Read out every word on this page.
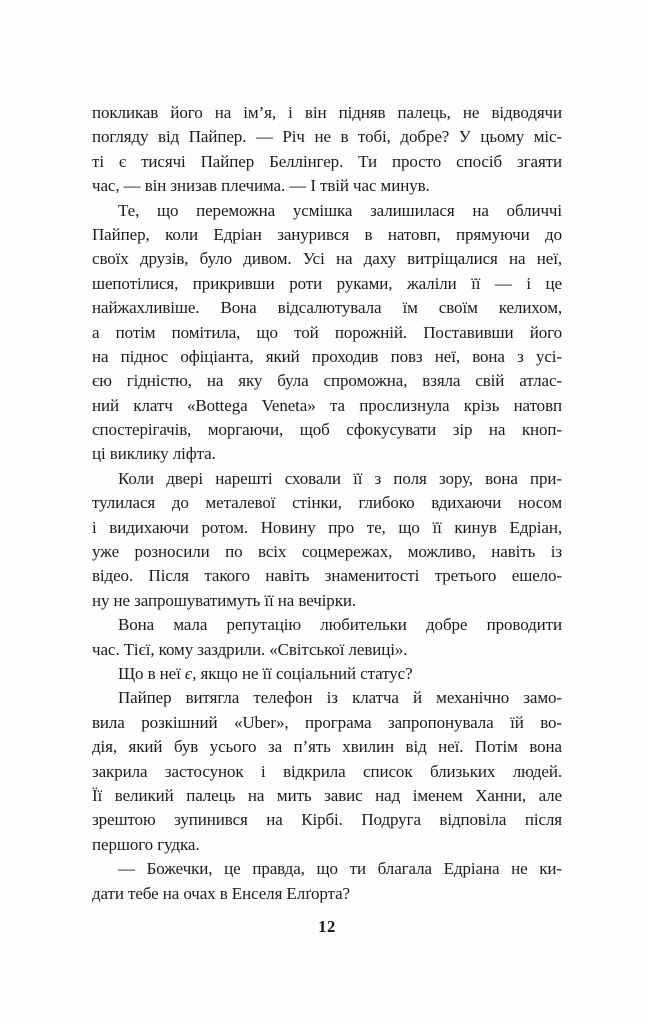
покликав його на ім’я, і він підняв палець, не відводячи
погляду від Пайпер. — Річ не в тобі, добре? У цьому міс-
ті є тисячі Пайпер Беллінгер. Ти просто спосіб згаяти
час, — він знизав плечима. — І твій час минув.
Те, що переможна усмішка залишилася на обличчі
Пайпер, коли Едріан занурився в натовп, прямуючи до
своїх друзів, було дивом. Усі на даху витріщалися на неї,
шепотілися, прикривши роти руками, жаліли її — і це
найжахливіше. Вона відсалютувала їм своїм келихом,
а потім помітила, що той порожній. Поставивши його
на піднос офіціанта, який проходив повз неї, вона з усі-
єю гідністю, на яку була спроможна, взяла свій атлас-
ний клатч «Bottega Veneta» та прослизнула крізь натовп
спостерігачів, моргаючи, щоб сфокусувати зір на кноп-
ці виклику ліфта.
Коли двері нарешті сховали її з поля зору, вона при-
тулилася до металевої стінки, глибоко вдихаючи носом
і видихаючи ротом. Новину про те, що її кинув Едріан,
уже розносили по всіх соцмережах, можливо, навіть із
відео. Після такого навіть знаменитості третього ешело-
ну не запрошуватимуть її на вечірки.
Вона мала репутацію любительки добре проводити
час. Тієї, кому заздрили. «Світської левиці».
Що в неї є, якщо не її соціальний статус?
Пайпер витягла телефон із клатча й механічно замо-
вила розкішний «Uber», програма запропонувала їй во-
дія, який був усього за п’ять хвилин від неї. Потім вона
закрила застосунок і відкрила список близьких людей.
Її великий палець на мить завис над іменем Ханни, але
зрештою зупинився на Кірбі. Подруга відповіла після
першого гудка.
— Божечки, це правда, що ти благала Едріана не ки-
дати тебе на очах в Енселя Елґорта?
12
